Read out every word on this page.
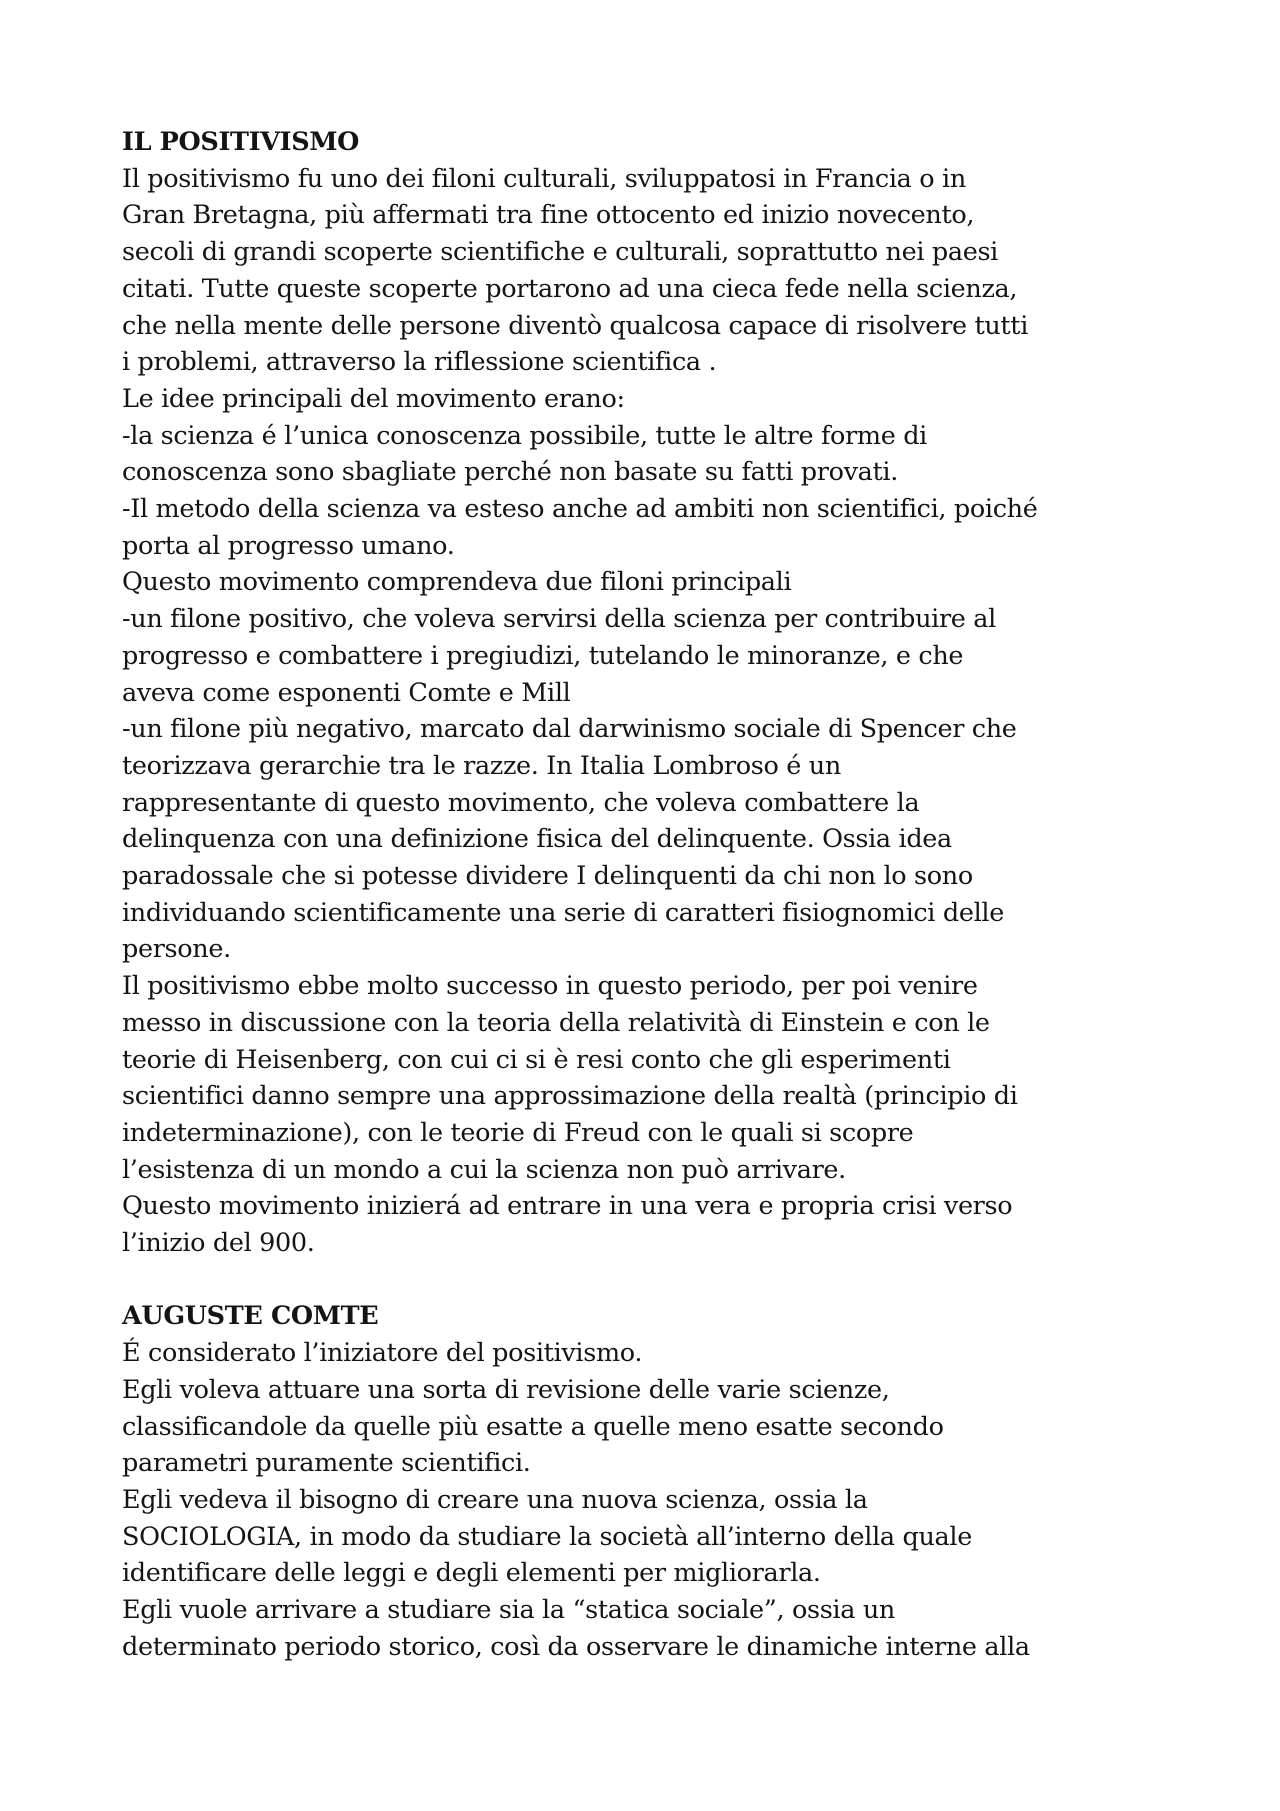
IL POSITIVISMO

Il positivismo fu uno dei filoni culturali, sviluppatosi in Francia o in

Gran Bretagna, più affermati tra fine ottocento ed inizio novecento,

secoli di grandi scoperte scientifiche e culturali, soprattutto nei paesi

citati. Tutte queste scoperte portarono ad una cieca fede nella scienza,

che nella mente delle persone diventò qualcosa capace di risolvere tutti

i problemi, attraverso la riflessione scientifica .

Le idee principali del movimento erano:

-la scienza é l’unica conoscenza possibile, tutte le altre forme di

conoscenza sono sbagliate perché non basate su fatti provati.

-Il metodo della scienza va esteso anche ad ambiti non scientifici, poiché

porta al progresso umano.

Questo movimento comprendeva due filoni principali

-un filone positivo, che voleva servirsi della scienza per contribuire al

progresso e combattere i pregiudizi, tutelando le minoranze, e che

aveva come esponenti Comte e Mill

-un filone più negativo, marcato dal darwinismo sociale di Spencer che

teorizzava gerarchie tra le razze. In Italia Lombroso é un

rappresentante di questo movimento, che voleva combattere la

delinquenza con una definizione fisica del delinquente. Ossia idea

paradossale che si potesse dividere I delinquenti da chi non lo sono

individuando scientificamente una serie di caratteri fisiognomici delle

persone.

Il positivismo ebbe molto successo in questo periodo, per poi venire

messo in discussione con la teoria della relatività di Einstein e con le

teorie di Heisenberg, con cui ci si è resi conto che gli esperimenti

scientifici danno sempre una approssimazione della realtà (principio di

indeterminazione), con le teorie di Freud con le quali si scopre

l’esistenza di un mondo a cui la scienza non può arrivare.

Questo movimento inizierá ad entrare in una vera e propria crisi verso

l’inizio del 900.

AUGUSTE COMTE

É considerato l’iniziatore del positivismo.

Egli voleva attuare una sorta di revisione delle varie scienze,

classificandole da quelle più esatte a quelle meno esatte secondo

parametri puramente scientifici.

Egli vedeva il bisogno di creare una nuova scienza, ossia la

SOCIOLOGIA, in modo da studiare la società all’interno della quale

identificare delle leggi e degli elementi per migliorarla.

Egli vuole arrivare a studiare sia la “statica sociale”, ossia un

determinato periodo storico, così da osservare le dinamiche interne alla
